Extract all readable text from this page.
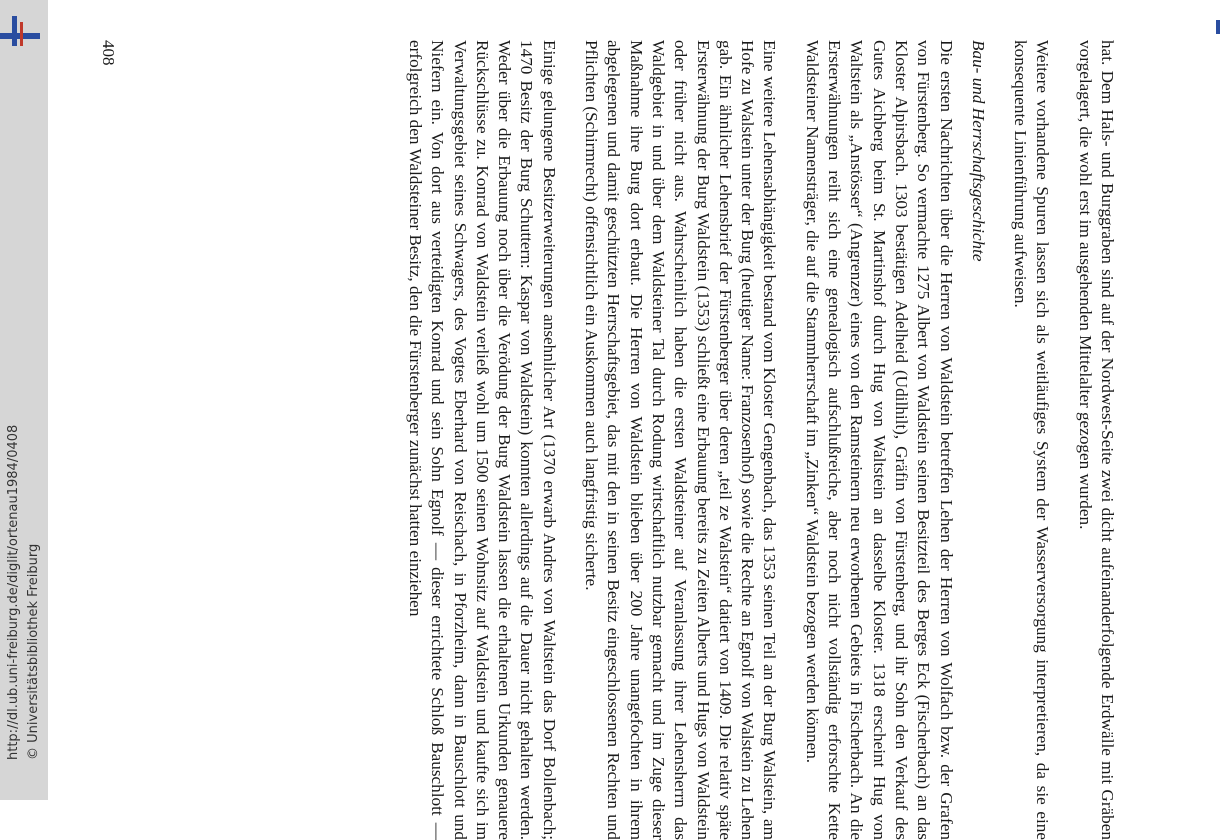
http://dl.ub.uni-freiburg.de/diglit/ortenau1984/0408 © Universitätsbibliothek Freiburg	hat. Dem Hals- und Burggraben sind auf der Nordwest-Seite zwei dicht aufeinanderfolgende Erdwälle mit Gräben vorgelagert, die wohl erst im ausgehenden Mittelalter gezogen wurden.

Weitere vorhandene Spuren lassen sich als weitläufiges System der Wasserversorgung interpretieren, da sie eine konsequente Linienführung aufweisen.

Bau- und Herrschaftsgeschichte

Die ersten Nachrichten über die Herren von Waldstein betreffen Lehen der Herren von Wolfach bzw. der Grafen von Fürstenberg. So vermachte 1275 Albert von Waldstein seinen Besitzteil des Berges Eck (Fischerbach) an das Kloster Alpirsbach. 1303 bestätigen Adelheid (Udilhilt), Gräfin von Fürstenberg, und ihr Sohn den Verkauf des Gutes Aichberg beim St. Martinshof durch Hug von Waltstein an dasselbe Kloster. 1318 erscheint Hug von Waltstein als „Anstösser“ (Angrenzer) eines von den Ramsteinern neu erworbenen Gebiets in Fischerbach. An die Ersterwähnungen reiht sich eine genealogisch aufschlußreiche, aber noch nicht vollständig erforschte Kette Waldsteiner Namensträger, die auf die Stammherrschaft im „Zinken“ Waldstein bezogen werden können.

Eine weitere Lehensabhängigkeit bestand vom Kloster Gengenbach, das 1353 seinen Teil an der Burg Walstein, am Hofe zu Walstein unter der Burg (heutiger Name: Franzosenhof) sowie die Rechte an Egnolf von Walstein zu Lehen gab. Ein ähnlicher Lehensbrief der Fürstenberger über deren „teil ze Walstein“ datiert von 1409. Die relativ späte Ersterwähnung der Burg Waldstein (1353) schließt eine Erbauung bereits zu Zeiten Alberts und Hugs von Waldstein oder früher nicht aus. Wahrscheinlich haben die ersten Waldsteiner auf Veranlassung ihrer Lehensherrn das Waldgebiet in und über dem Waldsteiner Tal durch Rodung wirtschaftlich nutzbar gemacht und im Zuge dieser Maßnahme ihre Burg dort erbaut. Die Herren von Waldstein blieben über 200 Jahre unangefochten in ihrem abgelegenen und damit geschützten Herrschaftsgebiet, das mit den in seinen Besitz eingeschlossenen Rechten und Pflichten (Schirmrecht) offensichtlich ein Auskommen auch langfristig sicherte.

Einige gelungene Besitzerweiterungen ansehnlicher Art (1370 erwarb Andres von Waltstein das Dorf Bollenbach; 1470 Besitz der Burg Schuttern: Kaspar von Waldstein) konnten allerdings auf die Dauer nicht gehalten werden. Weder über die Erbauung noch über die Verödung der Burg Waldstein lassen die erhaltenen Urkunden genauere Rückschlüsse zu. Konrad von Waldstein verließ wohl um 1500 seinen Wohnsitz auf Waldstein und kaufte sich im Verwaltungsgebiet seines Schwagers, des Vogtes Eberhard von Reischach, in Pforzheim, dann in Bauschlott und Niefern ein. Von dort aus verteidigten Konrad und sein Sohn Egnolf — dieser errichtete Schloß Bauschlott — erfolgreich den Waldsteiner Besitz, den die Fürstenberger zunächst hatten einziehen

408
